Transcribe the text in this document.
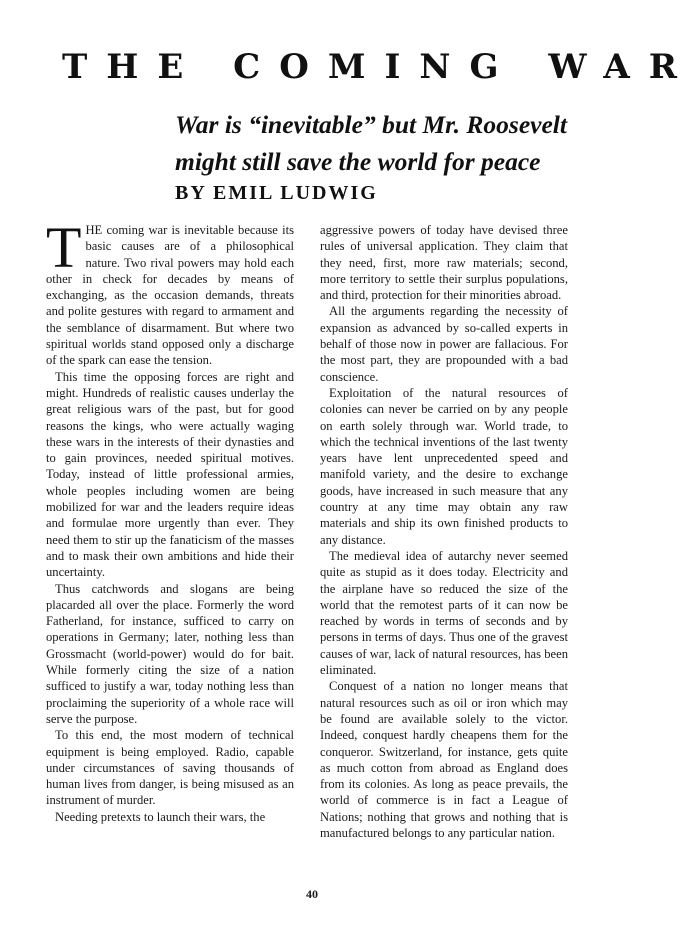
THE COMING WAR
War is “inevitable” but Mr. Roosevelt
might still save the world for peace
BY EMIL LUDWIG

THE coming war is inevitable because its basic causes are of a philosophical nature. Two rival powers may hold each other in check for decades by means of exchanging, as the occasion demands, threats and polite gestures with regard to armament and the semblance of disarmament. But where two spiritual worlds stand opposed only a discharge of the spark can ease the tension.

This time the opposing forces are right and might. Hundreds of realistic causes underlay the great religious wars of the past, but for good reasons the kings, who were actually waging these wars in the interests of their dynasties and to gain provinces, needed spiritual motives. Today, instead of little professional armies, whole peoples including women are being mobilized for war and the leaders require ideas and formulae more urgently than ever. They need them to stir up the fanaticism of the masses and to mask their own ambitions and hide their uncertainty.

Thus catchwords and slogans are being placarded all over the place. Formerly the word Fatherland, for instance, sufficed to carry on operations in Germany; later, nothing less than Grossmacht (world-power) would do for bait. While formerly citing the size of a nation sufficed to justify a war, today nothing less than proclaiming the superiority of a whole race will serve the purpose.

To this end, the most modern of technical equipment is being employed. Radio, capable under circumstances of saving thousands of human lives from danger, is being misused as an instrument of murder.

Needing pretexts to launch their wars, the

aggressive powers of today have devised three rules of universal application. They claim that they need, first, more raw materials; second, more territory to settle their surplus populations, and third, protection for their minorities abroad.

All the arguments regarding the necessity of expansion as advanced by so-called experts in behalf of those now in power are fallacious. For the most part, they are propounded with a bad conscience.

Exploitation of the natural resources of colonies can never be carried on by any people on earth solely through war. World trade, to which the technical inventions of the last twenty years have lent unprecedented speed and manifold variety, and the desire to exchange goods, have increased in such measure that any country at any time may obtain any raw materials and ship its own finished products to any distance.

The medieval idea of autarchy never seemed quite as stupid as it does today. Electricity and the airplane have so reduced the size of the world that the remotest parts of it can now be reached by words in terms of seconds and by persons in terms of days. Thus one of the gravest causes of war, lack of natural resources, has been eliminated.

Conquest of a nation no longer means that natural resources such as oil or iron which may be found are available solely to the victor. Indeed, conquest hardly cheapens them for the conqueror. Switzerland, for instance, gets quite as much cotton from abroad as England does from its colonies. As long as peace prevails, the world of commerce is in fact a League of Nations; nothing that grows and nothing that is manufactured belongs to any particular nation.

40
